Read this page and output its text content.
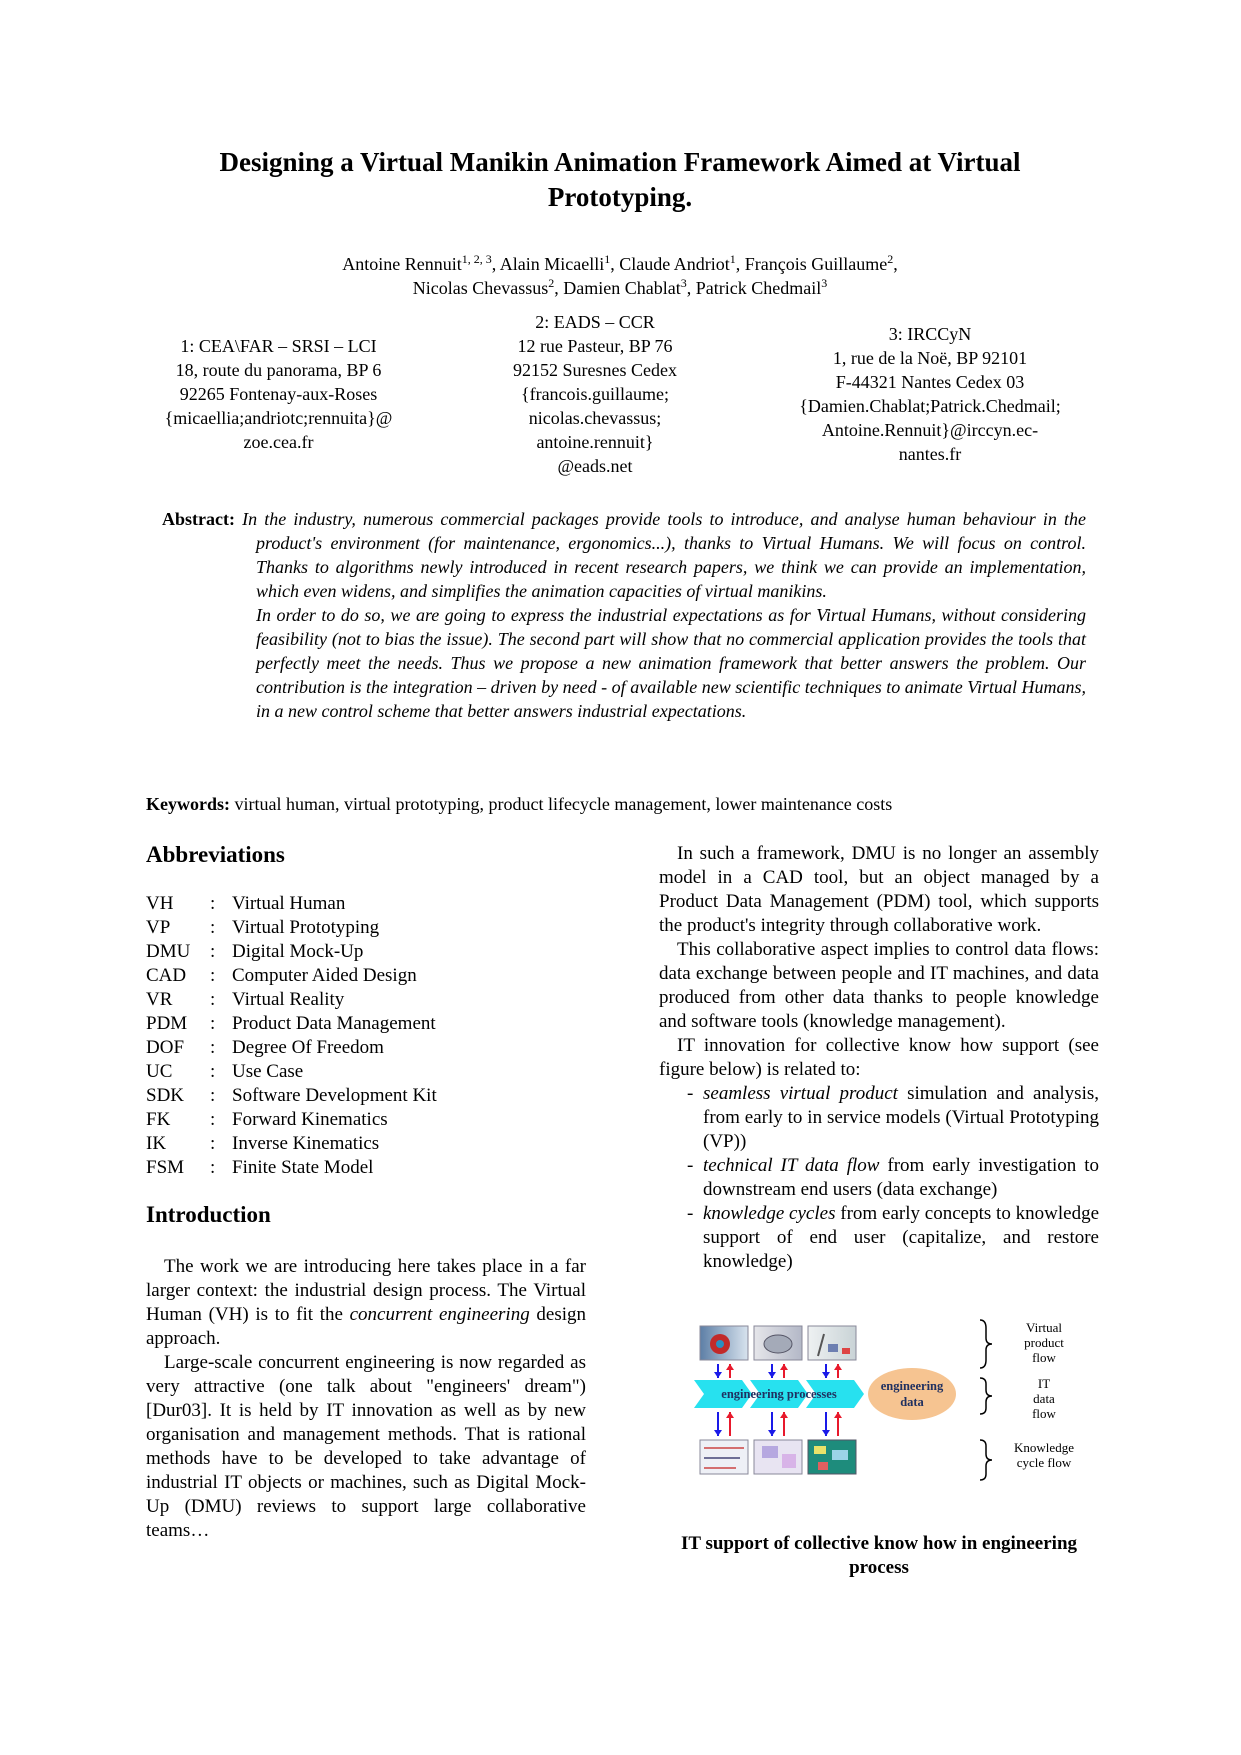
Designing a Virtual Manikin Animation Framework Aimed at Virtual Prototyping.
Antoine Rennuit$^{1, 2, 3}$, Alain Micaelli$^1$, Claude Andriot$^1$, François Guillaume$^2$,
Nicolas Chevassus$^2$, Damien Chablat$^3$, Patrick Chedmail$^3$
1: CEA\FAR – SRSI – LCI
18, route du panorama, BP 6
92265 Fontenay-aux-Roses
{micaellia;andriotc;rennuita}@
zoe.cea.fr
2: EADS – CCR
12 rue Pasteur, BP 76
92152 Suresnes Cedex
{francois.guillaume;
nicolas.chevassus;
antoine.rennuit}
@eads.net
3: IRCCyN
1, rue de la Noë, BP 92101
F-44321 Nantes Cedex 03
{Damien.Chablat;Patrick.Chedmail;
Antoine.Rennuit}@irccyn.ec-
nantes.fr

Abstract: In the industry, numerous commercial packages provide tools to introduce, and analyse human behaviour in the product's environment (for maintenance, ergonomics...), thanks to Virtual Humans. We will focus on control. Thanks to algorithms newly introduced in recent research papers, we think we can provide an implementation, which even widens, and simplifies the animation capacities of virtual manikins.

In order to do so, we are going to express the industrial expectations as for Virtual Humans, without considering feasibility (not to bias the issue). The second part will show that no commercial application provides the tools that perfectly meet the needs. Thus we propose a new animation framework that better answers the problem. Our contribution is the integration – driven by need - of available new scientific techniques to animate Virtual Humans, in a new control scheme that better answers industrial expectations.

Keywords: virtual human, virtual prototyping, product lifecycle management, lower maintenance costs
Abbreviations
VH	:	Virtual Human
VP	:	Virtual Prototyping
DMU	:	Digital Mock-Up
CAD	:	Computer Aided Design
VR	:	Virtual Reality
PDM	:	Product Data Management
DOF	:	Degree Of Freedom
UC	:	Use Case
SDK	:	Software Development Kit
FK	:	Forward Kinematics
IK	:	Inverse Kinematics
FSM	:	Finite State Model
Introduction

The work we are introducing here takes place in a far larger context: the industrial design process. The Virtual Human (VH) is to fit the concurrent engineering design approach.

Large-scale concurrent engineering is now regarded as very attractive (one talk about "engineers' dream") [Dur03]. It is held by IT innovation as well as by new organisation and management methods. That is rational methods have to be developed to take advantage of industrial IT objects or machines, such as Digital Mock-Up (DMU) reviews to support large collaborative teams…

In such a framework, DMU is no longer an assembly model in a CAD tool, but an object managed by a Product Data Management (PDM) tool, which supports the product's integrity through collaborative work.

This collaborative aspect implies to control data flows: data exchange between people and IT machines, and data produced from other data thanks to people knowledge and software tools (knowledge management).

IT innovation for collective know how support (see figure below) is related to:

- seamless virtual product simulation and analysis, from early to in service models (Virtual Prototyping (VP))
- technical IT data flow from early investigation to downstream end users (data exchange)
- knowledge cycles from early concepts to knowledge support of end user (capitalize, and restore knowledge)
engineering processes
engineering
data
Virtual
product
flow
IT
data
flow
Knowledge
cycle flow
IT support of collective know how in engineering process
